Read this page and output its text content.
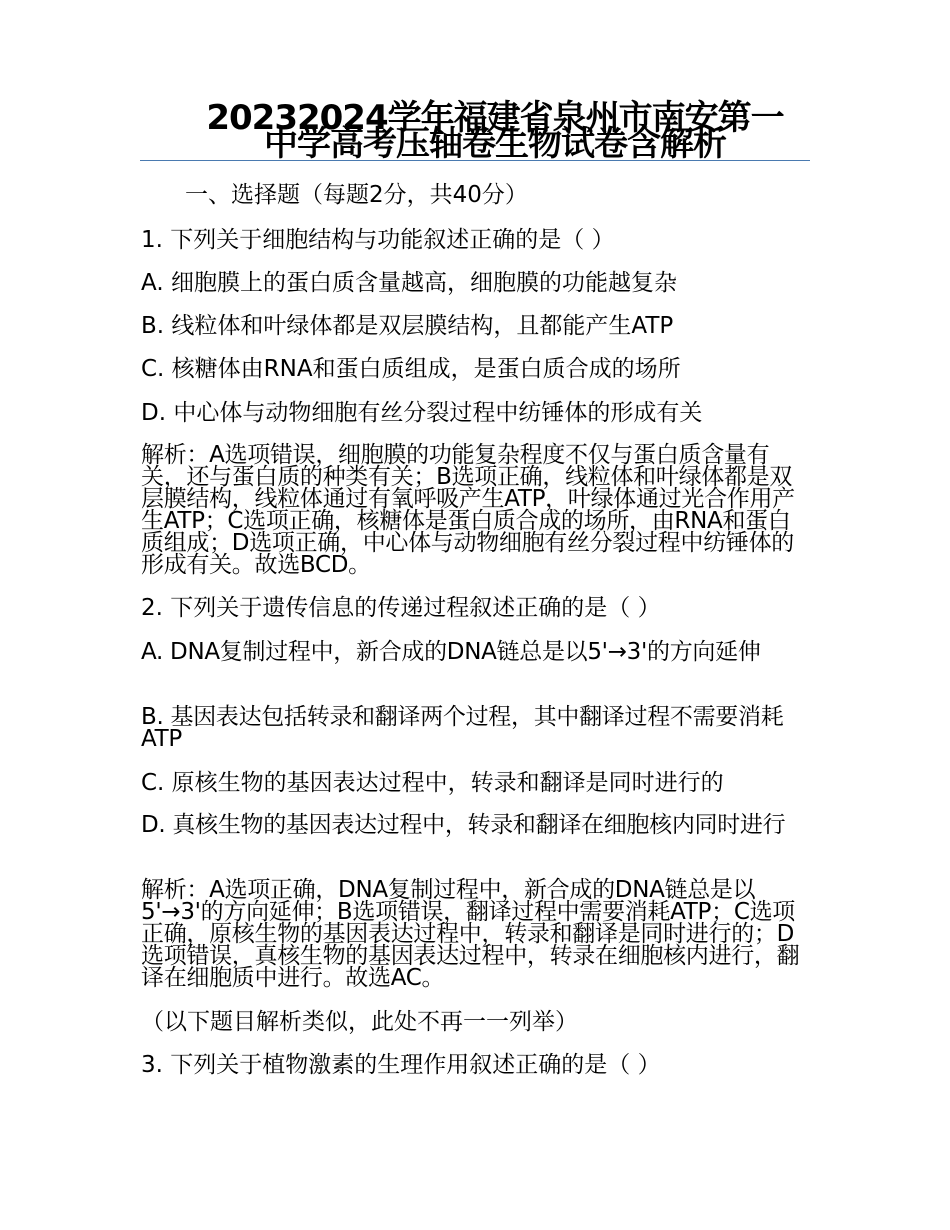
20232024学年福建省泉州市南安第一中学高考压轴卷生物试卷含解析
一、选择题（每题2分，共40分）
1. 下列关于细胞结构与功能叙述正确的是（ ）
A. 细胞膜上的蛋白质含量越高，细胞膜的功能越复杂
B. 线粒体和叶绿体都是双层膜结构，且都能产生ATP
C. 核糖体由RNA和蛋白质组成，是蛋白质合成的场所
D. 中心体与动物细胞有丝分裂过程中纺锤体的形成有关
解析：A选项错误，细胞膜的功能复杂程度不仅与蛋白质含量有关，还与蛋白质的种类有关；B选项正确，线粒体和叶绿体都是双层膜结构，线粒体通过有氧呼吸产生ATP，叶绿体通过光合作用产生ATP；C选项正确，核糖体是蛋白质合成的场所，由RNA和蛋白质组成；D选项正确，中心体与动物细胞有丝分裂过程中纺锤体的形成有关。故选BCD。
2. 下列关于遗传信息的传递过程叙述正确的是（ ）
A. DNA复制过程中，新合成的DNA链总是以5'→3'的方向延伸
B. 基因表达包括转录和翻译两个过程，其中翻译过程不需要消耗ATP
C. 原核生物的基因表达过程中，转录和翻译是同时进行的
D. 真核生物的基因表达过程中，转录和翻译在细胞核内同时进行
解析：A选项正确，DNA复制过程中，新合成的DNA链总是以5'→3'的方向延伸；B选项错误，翻译过程中需要消耗ATP；C选项正确，原核生物的基因表达过程中，转录和翻译是同时进行的；D选项错误，真核生物的基因表达过程中，转录在细胞核内进行，翻译在细胞质中进行。故选AC。
（以下题目解析类似，此处不再一一列举）
3. 下列关于植物激素的生理作用叙述正确的是（ ）
